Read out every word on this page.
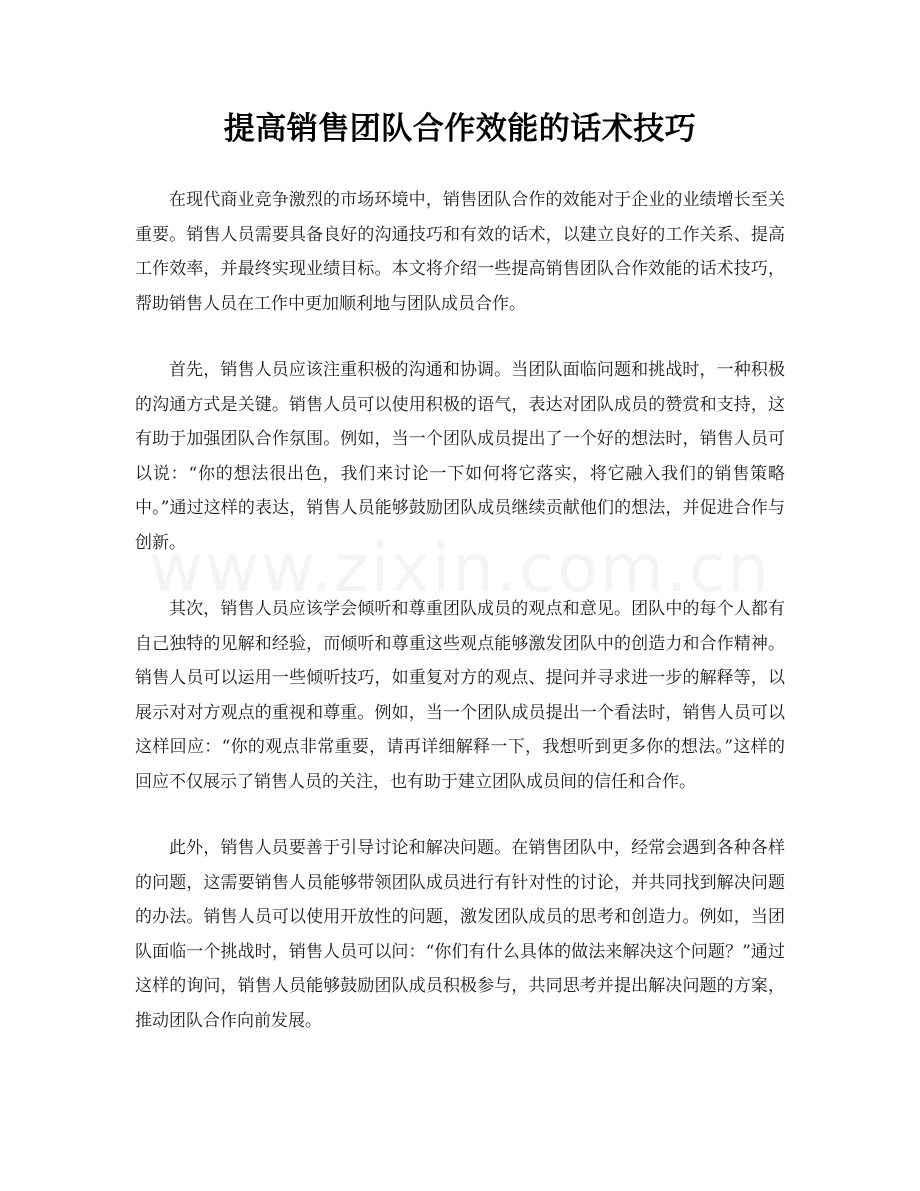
提高销售团队合作效能的话术技巧

在现代商业竞争激烈的市场环境中，销售团队合作的效能对于企业的业绩增长至关重要。销售人员需要具备良好的沟通技巧和有效的话术，以建立良好的工作关系、提高工作效率，并最终实现业绩目标。本文将介绍一些提高销售团队合作效能的话术技巧，帮助销售人员在工作中更加顺利地与团队成员合作。

首先，销售人员应该注重积极的沟通和协调。当团队面临问题和挑战时，一种积极的沟通方式是关键。销售人员可以使用积极的语气，表达对团队成员的赞赏和支持，这有助于加强团队合作氛围。例如，当一个团队成员提出了一个好的想法时，销售人员可以说：“你的想法很出色，我们来讨论一下如何将它落实，将它融入我们的销售策略中。”通过这样的表达，销售人员能够鼓励团队成员继续贡献他们的想法，并促进合作与创新。

其次，销售人员应该学会倾听和尊重团队成员的观点和意见。团队中的每个人都有自己独特的见解和经验，而倾听和尊重这些观点能够激发团队中的创造力和合作精神。销售人员可以运用一些倾听技巧，如重复对方的观点、提问并寻求进一步的解释等，以展示对对方观点的重视和尊重。例如，当一个团队成员提出一个看法时，销售人员可以这样回应：“你的观点非常重要，请再详细解释一下，我想听到更多你的想法。”这样的回应不仅展示了销售人员的关注，也有助于建立团队成员间的信任和合作。

此外，销售人员要善于引导讨论和解决问题。在销售团队中，经常会遇到各种各样的问题，这需要销售人员能够带领团队成员进行有针对性的讨论，并共同找到解决问题的办法。销售人员可以使用开放性的问题，激发团队成员的思考和创造力。例如，当团队面临一个挑战时，销售人员可以问：“你们有什么具体的做法来解决这个问题？”通过这样的询问，销售人员能够鼓励团队成员积极参与，共同思考并提出解决问题的方案，推动团队合作向前发展。
